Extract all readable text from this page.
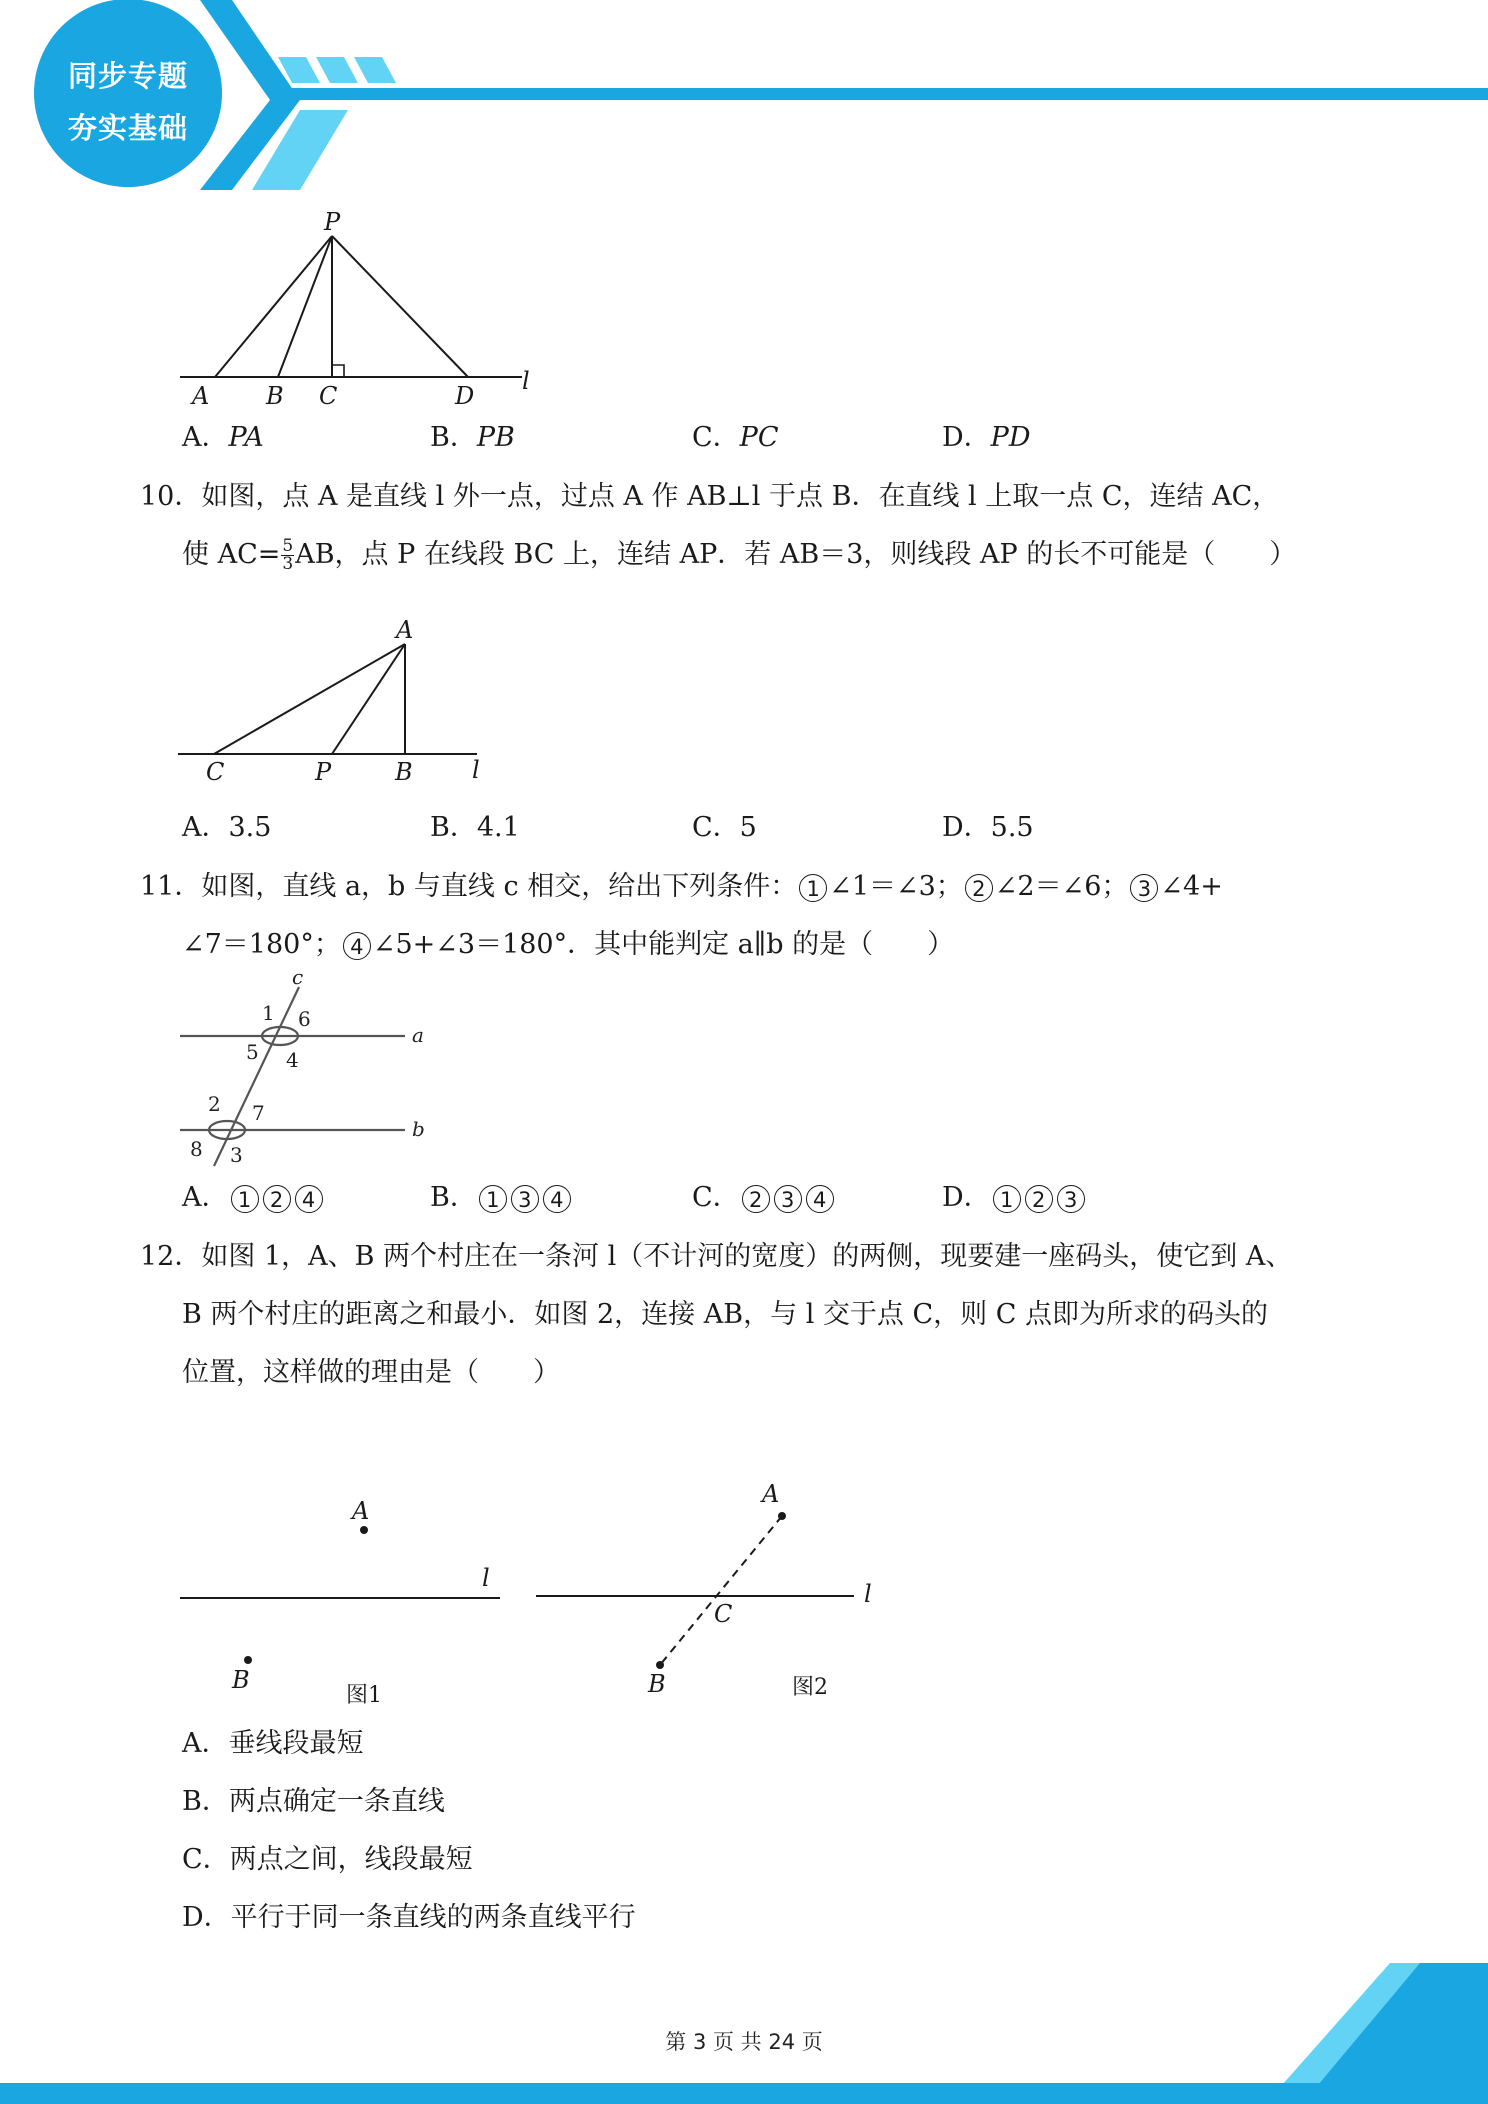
同步专题
夯实基础
P
A B C	D
l
A．PA	B．PB	C．PC	D．PD
10．如图，点 A 是直线 l 外一点，过点 A 作 AB⊥l 于点 B．在直线 l 上取一点 C，连结 AC，
使 $AC= \frac{5}{3}$ AB，点 P 在线段 BC 上，连结 AP．若 AB＝3，则线段 AP 的长不可能是（　　）
A
C	P	B l
A．3.5	B．4.1	C．5	D．5.5
11．如图，直线 a，b 与直线 c 相交，给出下列条件： 1 ∠1＝∠3； 2 ∠2＝∠6； 3 ∠4+
∠7＝180°； 4 ∠5+∠3＝180°．其中能判定 a∥b 的是（　　）
c
a
b
1 6
5 4
2 7
8 3
A． 1 2 4	B． 1 3 4	C． 2 3 4	D． 1 2 3
12．如图 1，A、B 两个村庄在一条河 l（不计河的宽度）的两侧，现要建一座码头，使它到 A、
B 两个村庄的距离之和最小．如图 2，连接 AB，与 l 交于点 C，则 C 点即为所求的码头的
位置，这样做的理由是（　　）
A
B
l
图1
A
B
C
l
图2
A．垂线段最短
B．两点确定一条直线
C．两点之间，线段最短
D．平行于同一条直线的两条直线平行
第 3 页 共 24 页
